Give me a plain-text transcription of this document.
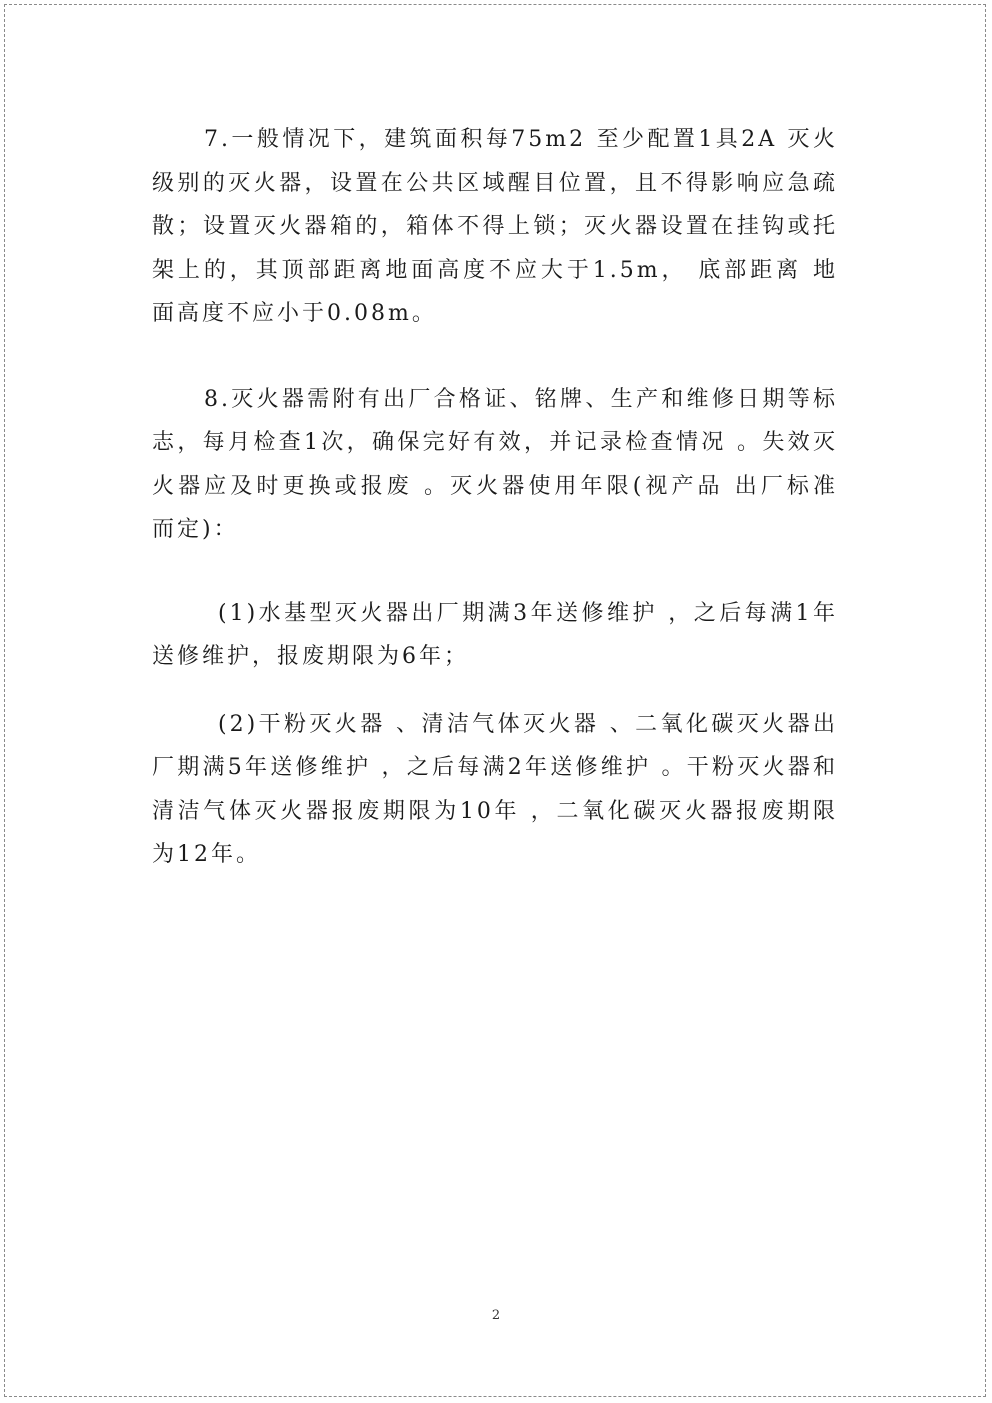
7.一般情况下，建筑面积每75m2 至少配置1具2A 灭火级别的灭火器，设置在公共区域醒目位置，且不得影响应急疏散；设置灭火器箱的，箱体不得上锁；灭火器设置在挂钩或托架上的，其顶部距离地面高度不应大于1.5m， 底部距离 地面高度不应小于0.08m。

8.灭火器需附有出厂合格证、铭牌、生产和维修日期等标志，每月检查1次，确保完好有效，并记录检查情况 。失效灭火器应及时更换或报废 。灭火器使用年限(视产品 出厂标准 而定)：

(1)水基型灭火器出厂期满3年送修维护 ，之后每满1年送修维护，报废期限为6年；

(2)干粉灭火器 、清洁气体灭火器 、二氧化碳灭火器出厂期满5年送修维护 ，之后每满2年送修维护 。干粉灭火器和清洁气体灭火器报废期限为10年 ，二氧化碳灭火器报废期限为12年。

2
